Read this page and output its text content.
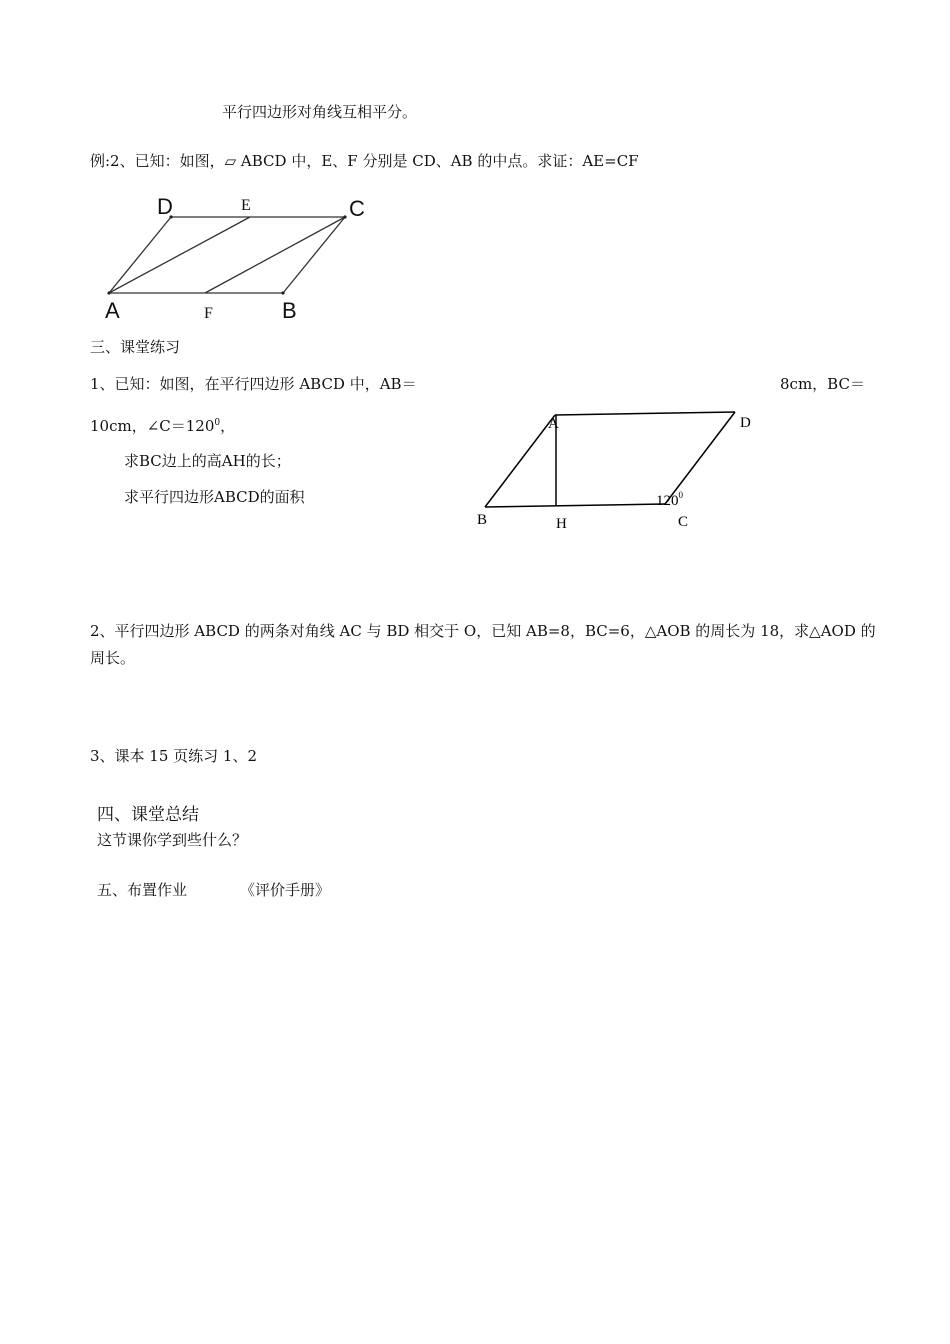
平行四边形对角线互相平分。
例:2、已知：如图，▱ ABCD 中，E、F 分别是 CD、AB 的中点。求证：AE=CF
D	E	C
A	F	B
三、课堂练习
1、已知：如图，在平行四边形 ABCD 中，AB＝	8cm，BC＝
10cm，$\angle C=120^0$，
求BC边上的高AH的长；
求平行四边形ABCD的面积
A	D
B	H	C
$120^0$
2、平行四边形 ABCD 的两条对角线 AC 与 BD 相交于 O，已知 AB=8，BC=6，△AOB 的周长为 18，求△AOD 的
周长。
3、课本 15 页练习 1、2
四、课堂总结
这节课你学到些什么？
五、布置作业	《评价手册》
